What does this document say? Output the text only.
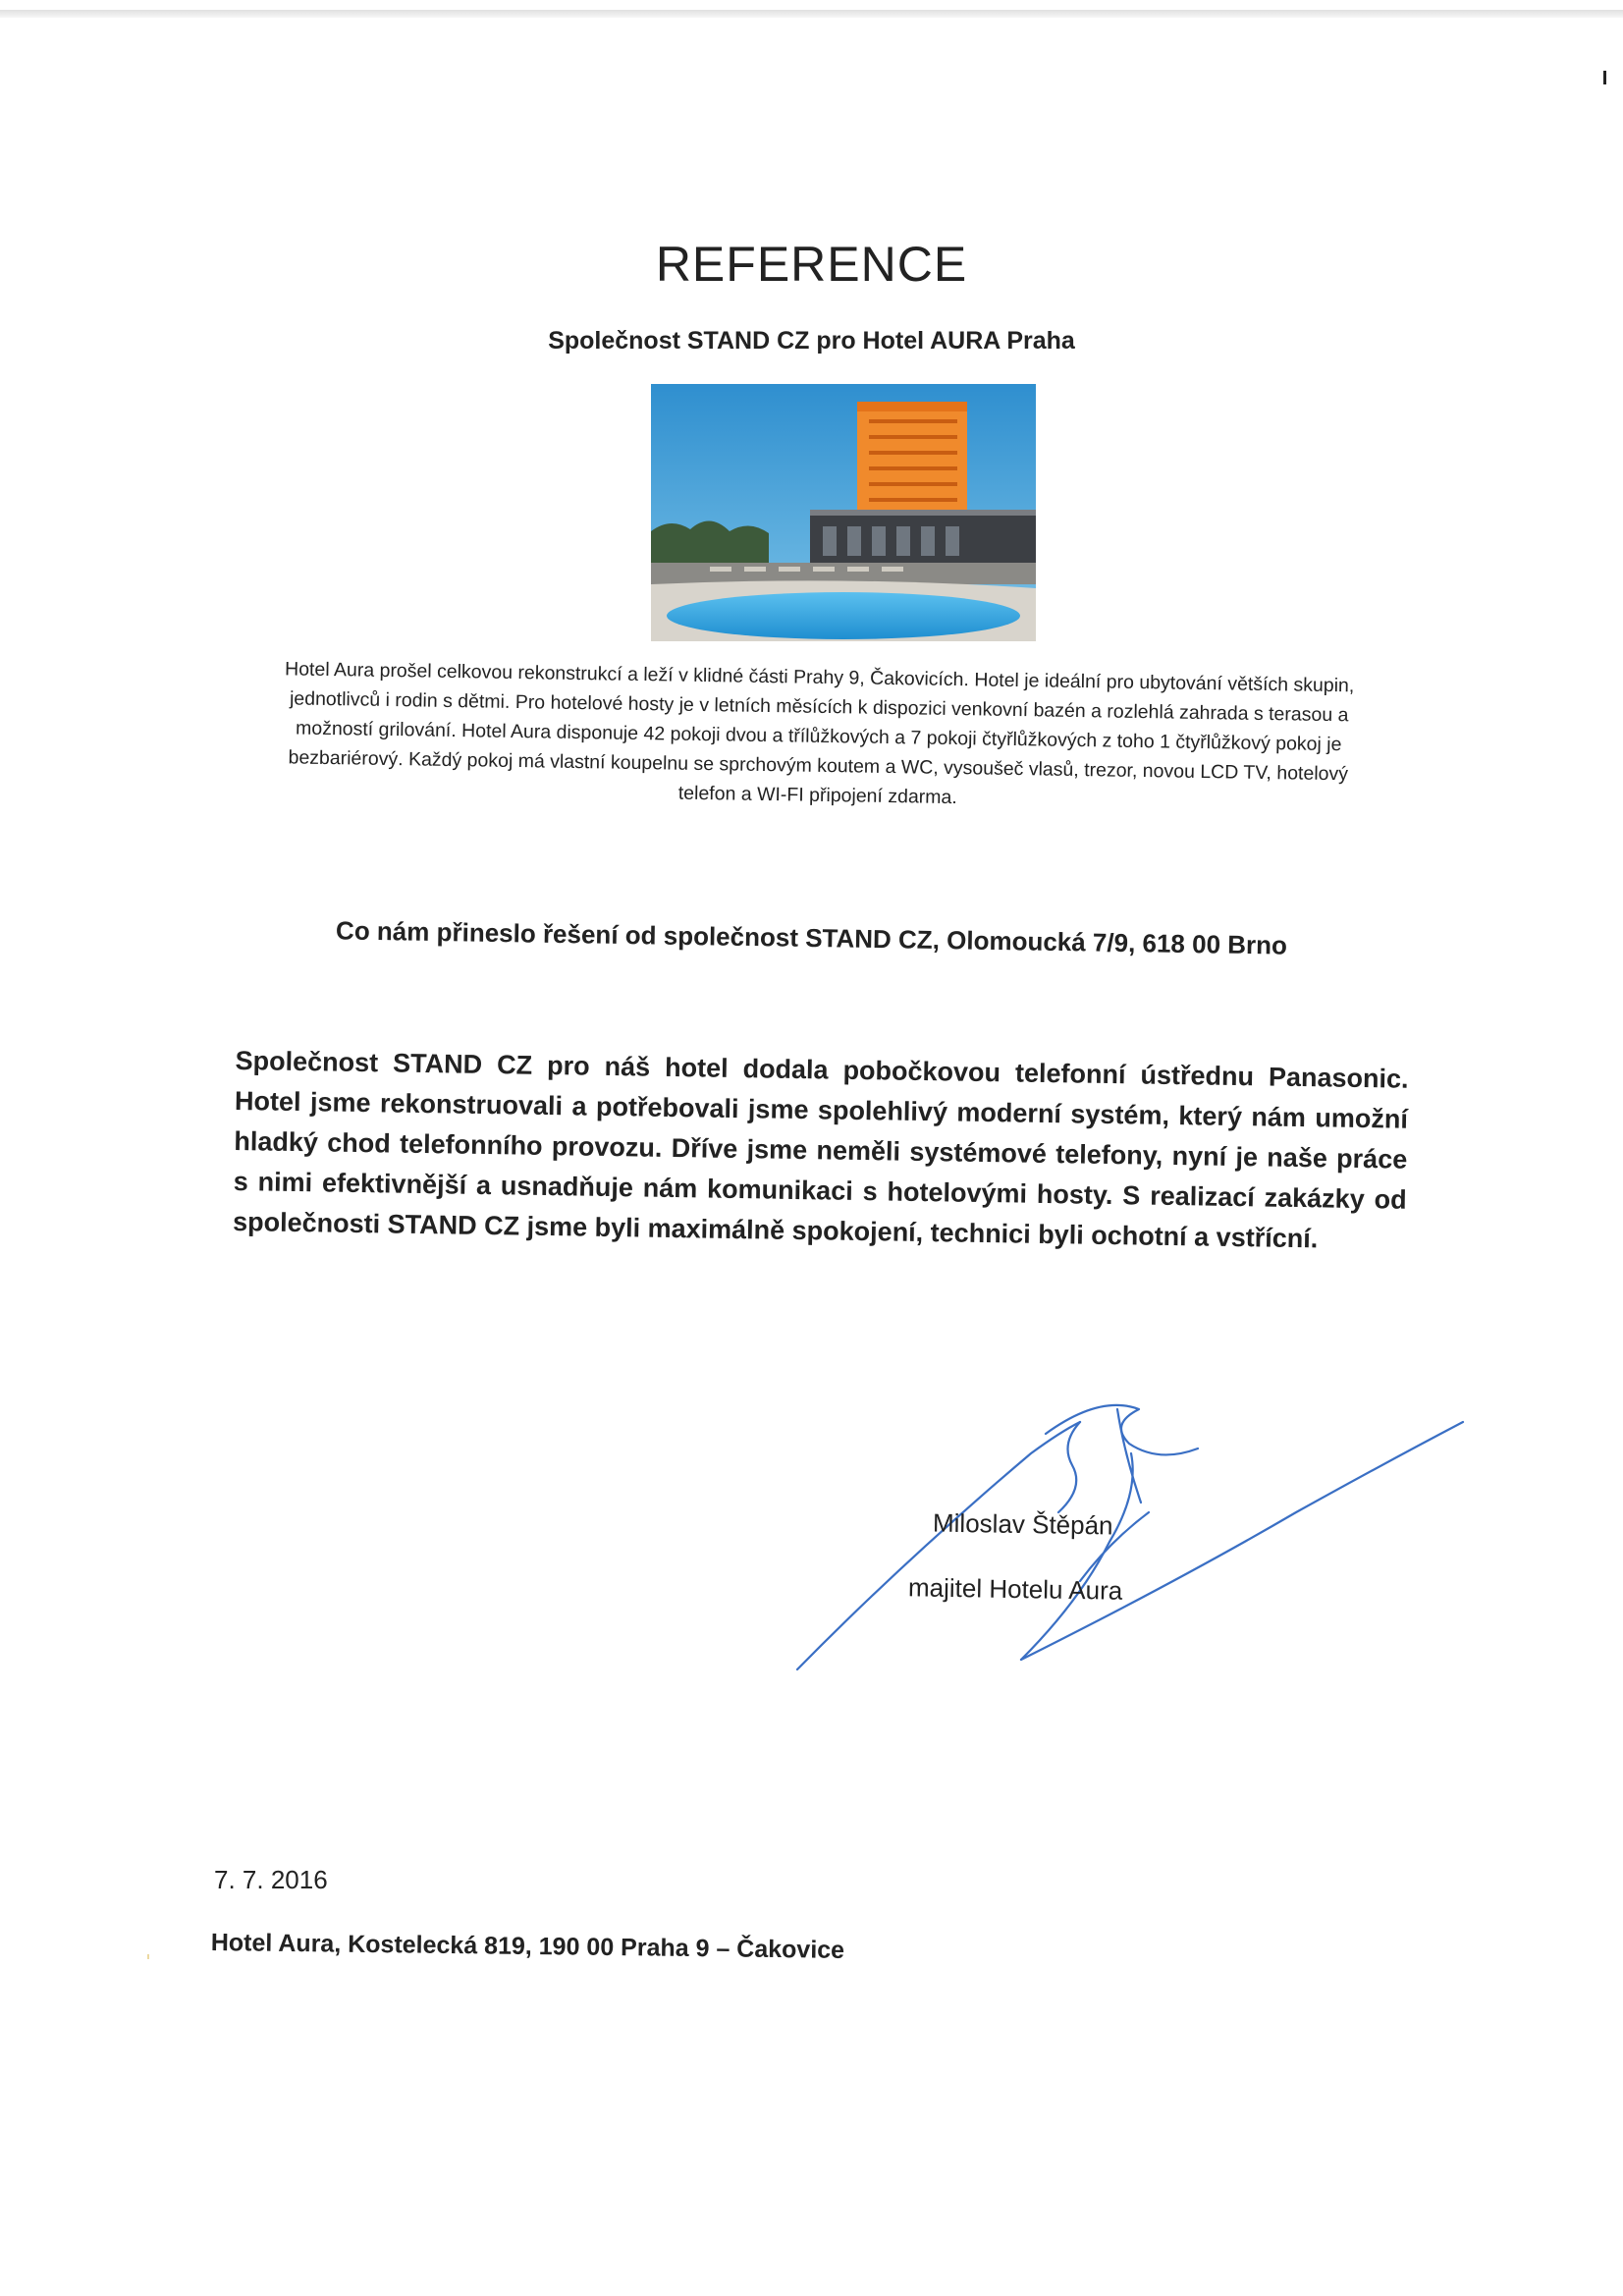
REFERENCE
Společnost STAND CZ pro Hotel AURA Praha
Hotel Aura prošel celkovou rekonstrukcí a leží v klidné části Prahy 9, Čakovicích. Hotel je ideální pro ubytování větších skupin, jednotlivců i rodin s dětmi. Pro hotelové hosty je v letních měsících k dispozici venkovní bazén a rozlehlá zahrada s terasou a možností grilování. Hotel Aura disponuje 42 pokoji dvou a třílůžkových a 7 pokoji čtyřlůžkových z toho 1 čtyřlůžkový pokoj je bezbariérový. Každý pokoj má vlastní koupelnu se sprchovým koutem a WC, vysoušeč vlasů, trezor, novou LCD TV, hotelový telefon a WI-FI připojení zdarma.
Co nám přineslo řešení od společnost STAND CZ, Olomoucká 7/9, 618 00 Brno
Společnost STAND CZ pro náš hotel dodala pobočkovou telefonní ústřednu Panasonic. Hotel jsme rekonstruovali a potřebovali jsme spolehlivý moderní systém, který nám umožní hladký chod telefonního provozu. Dříve jsme neměli systémové telefony, nyní je naše práce s nimi efektivnější a usnadňuje nám komunikaci s hotelovými hosty. S realizací zakázky od společnosti STAND CZ jsme byli maximálně spokojení, technici byli ochotní a vstřícní.
Miloslav Štěpán
majitel Hotelu Aura
7. 7. 2016
Hotel Aura, Kostelecká 819, 190 00 Praha 9 – Čakovice
